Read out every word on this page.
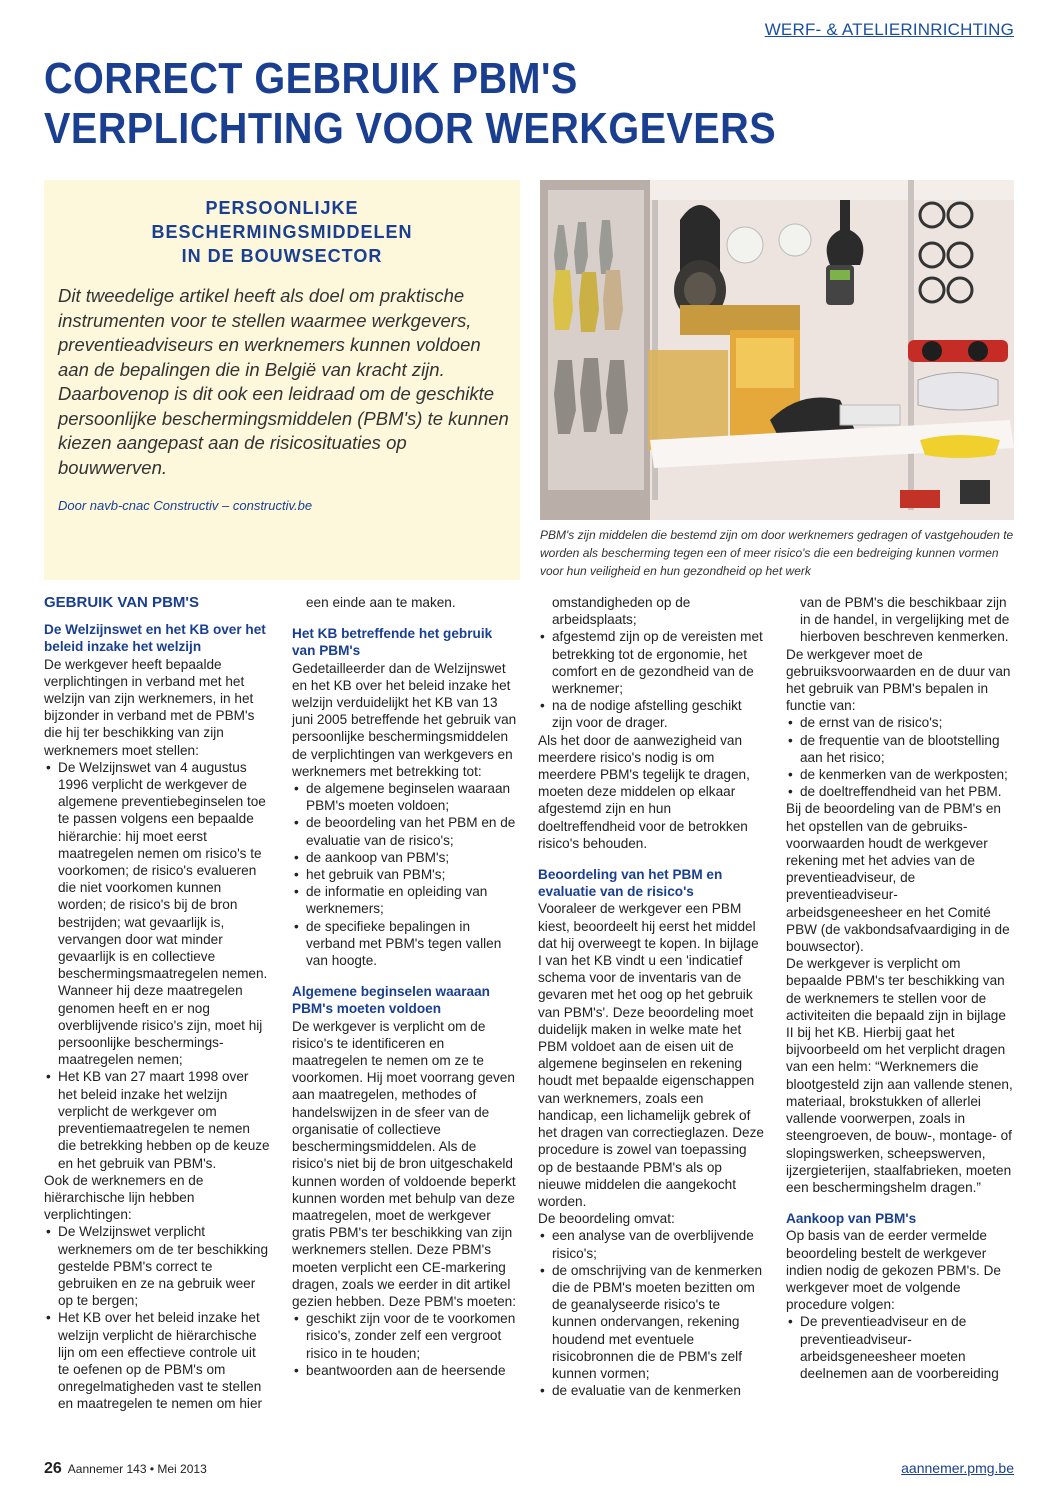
WERF- & ATELIERINRICHTING
CORRECT GEBRUIK PBM'S
VERPLICHTING VOOR WERKGEVERS
PERSOONLIJKE
BESCHERMINGSMIDDELEN
IN DE BOUWSECTOR
Dit tweedelige artikel heeft als doel om praktische instrumenten voor te stellen waarmee werkgevers, preventieadviseurs en werknemers kunnen voldoen aan de bepalingen die in België van kracht zijn. Daarbovenop is dit ook een leidraad om de geschikte persoonlijke beschermingsmiddelen (PBM's) te kunnen kiezen aangepast aan de risicosituaties op bouwwerven.
Door navb-cnac Constructiv – constructiv.be
PBM's zijn middelen die bestemd zijn om door werknemers gedragen of vastgehouden te worden als bescherming tegen een of meer risico's die een bedreiging kunnen vormen voor hun veiligheid en hun gezondheid op het werk

GEBRUIK VAN PBM'S

De Welzijnswet en het KB over het beleid inzake het welzijn

De werkgever heeft bepaalde verplichtingen in verband met het welzijn van zijn werknemers, in het bijzonder in verband met de PBM's die hij ter beschikking van zijn werknemers moet stellen:

• De Welzijnswet van 4 augustus 1996 verplicht de werkgever de algemene preventiebeginselen toe te passen volgens een bepaalde hiërarchie: hij moet eerst maatregelen nemen om risico's te voorkomen; de risico's evalueren die niet voorkomen kunnen worden; de risico's bij de bron bestrijden; wat gevaarlijk is, vervangen door wat minder gevaarlijk is en collectieve beschermingsmaatregelen nemen. Wanneer hij deze maatregelen genomen heeft en er nog overblijvende risico's zijn, moet hij persoonlijke beschermingsmaatregelen nemen;
• Het KB van 27 maart 1998 over het beleid inzake het welzijn verplicht de werkgever om preventiemaatregelen te nemen die betrekking hebben op de keuze en het gebruik van PBM's.

Ook de werknemers en de hiërarchische lijn hebben verplichtingen:

• De Welzijnswet verplicht werknemers om de ter beschikking gestelde PBM's correct te gebruiken en ze na gebruik weer op te bergen;
• Het KB over het beleid inzake het welzijn verplicht de hiërarchische lijn om een effectieve controle uit te oefenen op de PBM's om onregelmatigheden vast te stellen en maatregelen te nemen om hier

een einde aan te maken.

Het KB betreffende het gebruik van PBM's

Gedetailleerder dan de Welzijnswet en het KB over het beleid inzake het welzijn verduidelijkt het KB van 13 juni 2005 betreffende het gebruik van persoonlijke beschermingsmiddelen de verplichtingen van werkgevers en werknemers met betrekking tot:

• de algemene beginselen waaraan PBM's moeten voldoen;
• de beoordeling van het PBM en de evaluatie van de risico's;
• de aankoop van PBM's;
• het gebruik van PBM's;
• de informatie en opleiding van werknemers;
• de specifieke bepalingen in verband met PBM's tegen vallen van hoogte.

Algemene beginselen waaraan PBM's moeten voldoen

De werkgever is verplicht om de risico's te identificeren en maatregelen te nemen om ze te voorkomen. Hij moet voorrang geven aan maatregelen, methodes of handelswijzen in de sfeer van de organisatie of collectieve beschermingsmiddelen. Als de risico's niet bij de bron uitgeschakeld kunnen worden of voldoende beperkt kunnen worden met behulp van deze maatregelen, moet de werkgever gratis PBM's ter beschikking van zijn werknemers stellen. Deze PBM's moeten verplicht een CE-markering dragen, zoals we eerder in dit artikel gezien hebben. Deze PBM's moeten:

• geschikt zijn voor de te voorkomen risico's, zonder zelf een vergroot risico in te houden;
• beantwoorden aan de heersende

omstandigheden op de arbeidsplaats;

• afgestemd zijn op de vereisten met betrekking tot de ergonomie, het comfort en de gezondheid van de werknemer;
• na de nodige afstelling geschikt zijn voor de drager.

Als het door de aanwezigheid van meerdere risico's nodig is om meerdere PBM's tegelijk te dragen, moeten deze middelen op elkaar afgestemd zijn en hun doeltreffendheid voor de betrokken risico's behouden.

Beoordeling van het PBM en evaluatie van de risico's

Vooraleer de werkgever een PBM kiest, beoordeelt hij eerst het middel dat hij overweegt te kopen. In bijlage I van het KB vindt u een 'indicatief schema voor de inventaris van de gevaren met het oog op het gebruik van PBM's'. Deze beoordeling moet duidelijk maken in welke mate het PBM voldoet aan de eisen uit de algemene beginselen en rekening houdt met bepaalde eigenschappen van werknemers, zoals een handicap, een lichamelijk gebrek of het dragen van correctieglazen. Deze procedure is zowel van toepassing op de bestaande PBM's als op nieuwe middelen die aangekocht worden.

De beoordeling omvat:

• een analyse van de overblijvende risico's;
• de omschrijving van de kenmerken die de PBM's moeten bezitten om de geanalyseerde risico's te kunnen ondervangen, rekening houdend met eventuele risicobronnen die de PBM's zelf kunnen vormen;
• de evaluatie van de kenmerken

van de PBM's die beschikbaar zijn in de handel, in vergelijking met de hierboven beschreven kenmerken.

De werkgever moet de gebruiksvoorwaarden en de duur van het gebruik van PBM's bepalen in functie van:

• de ernst van de risico's;
• de frequentie van de blootstelling aan het risico;
• de kenmerken van de werkposten;
• de doeltreffendheid van het PBM.

Bij de beoordeling van de PBM's en het opstellen van de gebruiksvoorwaarden houdt de werkgever rekening met het advies van de preventieadviseur, de preventieadviseur-arbeidsgeneesheer en het Comité PBW (de vakbondsafvaardiging in de bouwsector).

De werkgever is verplicht om bepaalde PBM's ter beschikking van de werknemers te stellen voor de activiteiten die bepaald zijn in bijlage II bij het KB. Hierbij gaat het bijvoorbeeld om het verplicht dragen van een helm: “Werknemers die blootgesteld zijn aan vallende stenen, materiaal, brokstukken of allerlei vallende voorwerpen, zoals in steengroeven, de bouw-, montage- of slopingswerken, scheepswerven, ijzergieterijen, staalfabrieken, moeten een beschermingshelm dragen.”

Aankoop van PBM's

Op basis van de eerder vermelde beoordeling bestelt de werkgever indien nodig de gekozen PBM's. De werkgever moet de volgende procedure volgen:

• De preventieadviseur en de preventieadviseur-arbeidsgeneesheer moeten deelnemen aan de voorbereiding
26 Aannemer 143 • Mei 2013	aannemer.pmg.be
